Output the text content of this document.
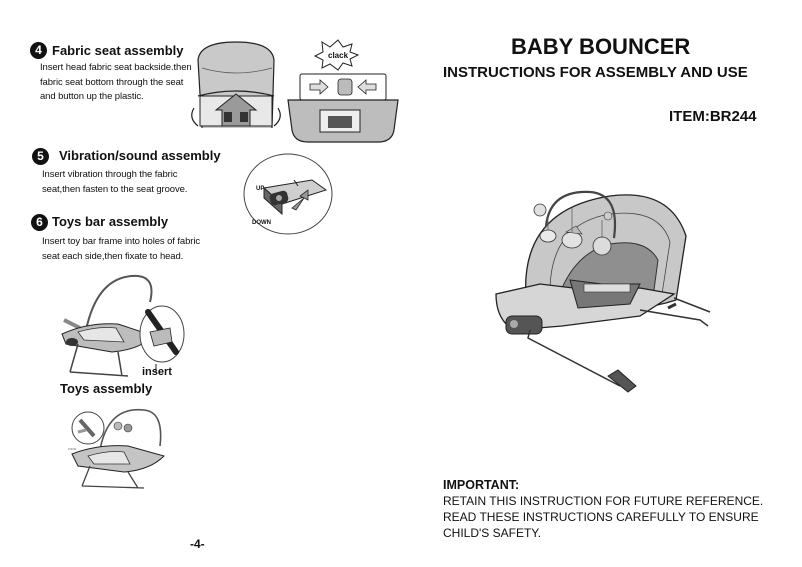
4 Fabric seat assembly
Insert head fabric seat backside.then
fabric seat bottom through the seat
and button up the plastic.
clack
5	Vibration/sound assembly
Insert vibration through the fabric
seat,then fasten to the seat groove.	UP
DOWN
6 Toys bar assembly
Insert toy bar frame into holes of fabric
seat each side,then fixate to head.
insert
Toys assembly
••••••
-4-
BABY BOUNCER
INSTRUCTIONS FOR ASSEMBLY AND USE
ITEM:BR244
IMPORTANT:
RETAIN THIS INSTRUCTION FOR FUTURE REFERENCE.
READ THESE INSTRUCTIONS CAREFULLY TO ENSURE
CHILD'S SAFETY.
